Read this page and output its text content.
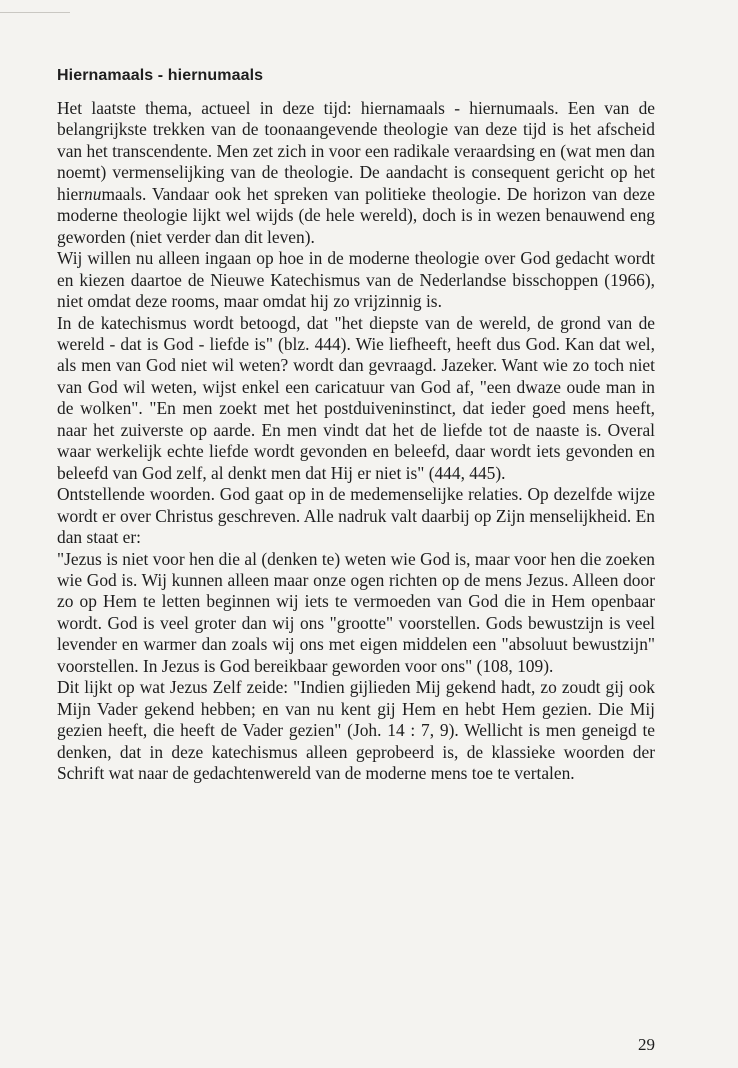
Hiernamaals - hiernumaals

Het laatste thema, actueel in deze tijd: hiernamaals - hiernumaals. Een van de belangrijkste trekken van de toonaangevende theologie van deze tijd is het afscheid van het transcendente. Men zet zich in voor een radikale veraardsing en (wat men dan noemt) vermenselijking van de theologie. De aandacht is consequent gericht op het hiernumaals. Vandaar ook het spreken van politieke theologie. De horizon van deze moderne theologie lijkt wel wijds (de hele wereld), doch is in wezen benauwend eng geworden (niet verder dan dit leven).

Wij willen nu alleen ingaan op hoe in de moderne theologie over God gedacht wordt en kiezen daartoe de Nieuwe Katechismus van de Nederlandse bisschoppen (1966), niet omdat deze rooms, maar omdat hij zo vrijzinnig is.

In de katechismus wordt betoogd, dat "het diepste van de wereld, de grond van de wereld - dat is God - liefde is" (blz. 444). Wie liefheeft, heeft dus God. Kan dat wel, als men van God niet wil weten? wordt dan gevraagd. Jazeker. Want wie zo toch niet van God wil weten, wijst enkel een caricatuur van God af, "een dwaze oude man in de wolken". "En men zoekt met het postduiveninstinct, dat ieder goed mens heeft, naar het zuiverste op aarde. En men vindt dat het de liefde tot de naaste is. Overal waar werkelijk echte liefde wordt gevonden en beleefd, daar wordt iets gevonden en beleefd van God zelf, al denkt men dat Hij er niet is" (444, 445).

Ontstellende woorden. God gaat op in de medemenselijke relaties. Op dezelfde wijze wordt er over Christus geschreven. Alle nadruk valt daarbij op Zijn menselijkheid. En dan staat er:

"Jezus is niet voor hen die al (denken te) weten wie God is, maar voor hen die zoeken wie God is. Wij kunnen alleen maar onze ogen richten op de mens Jezus. Alleen door zo op Hem te letten beginnen wij iets te vermoeden van God die in Hem openbaar wordt. God is veel groter dan wij ons "grootte" voorstellen. Gods bewustzijn is veel levender en warmer dan zoals wij ons met eigen middelen een "absoluut bewustzijn" voorstellen. In Jezus is God bereikbaar geworden voor ons" (108, 109).

Dit lijkt op wat Jezus Zelf zeide: "Indien gijlieden Mij gekend hadt, zo zoudt gij ook Mijn Vader gekend hebben; en van nu kent gij Hem en hebt Hem gezien. Die Mij gezien heeft, die heeft de Vader gezien" (Joh. 14 : 7, 9). Wellicht is men geneigd te denken, dat in deze katechismus alleen geprobeerd is, de klassieke woorden der Schrift wat naar de gedachtenwereld van de moderne mens toe te vertalen.

29
